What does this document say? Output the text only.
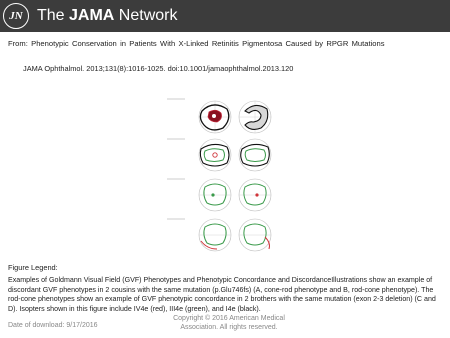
JN The JAMA Network
From: Phenotypic Conservation in Patients With X-Linked Retinitis Pigmentosa Caused by RPGR Mutations
JAMA Ophthalmol. 2013;131(8):1016-1025. doi:10.1001/jamaophthalmol.2013.120
Figure Legend:
Examples of Goldmann Visual Field (GVF) Phenotypes and Phenotypic Concordance and DiscordanceIllustrations show an example of discordant GVF phenotypes in 2 cousins with the same mutation (p.Glu746fs) (A, cone-rod phenotype and B, rod-cone phenotype). The rod-cone phenotypes show an example of GVF phenotypic concordance in 2 brothers with the same mutation (exon 2-3 deletion) (C and D). Isopters shown in this figure include IV4e (red), III4e (green), and I4e (black).
Date of download: 9/17/2016
Copyright © 2016 American Medical Association. All rights reserved.
